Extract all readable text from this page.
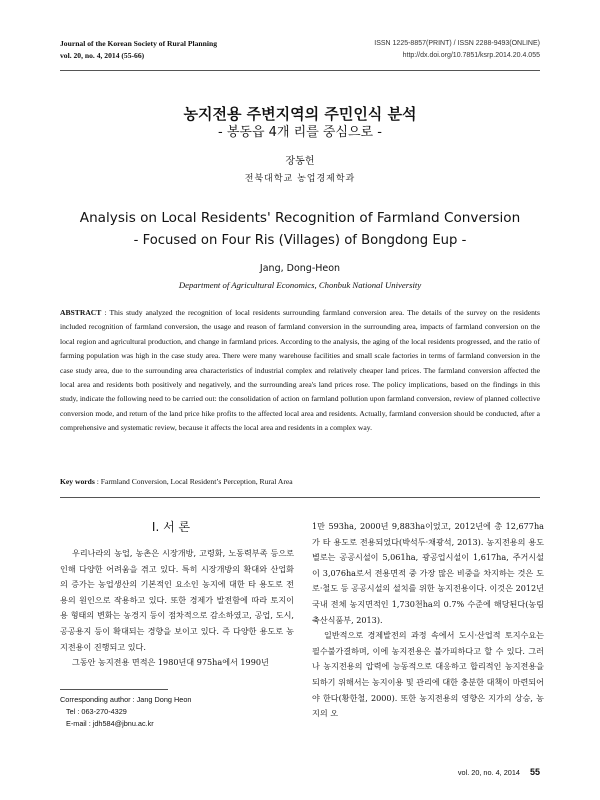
Journal of the Korean Society of Rural Planning
vol. 20, no. 4, 2014 (55-66)
ISSN 1225-8857(PRINT) / ISSN 2288-9493(ONLINE)
http://dx.doi.org/10.7851/ksrp.2014.20.4.055
농지전용 주변지역의 주민인식 분석
- 봉동읍 4개 리를 중심으로 -
장동헌
전북대학교 농업경제학과
Analysis on Local Residents' Recognition of Farmland Conversion
- Focused on Four Ris (Villages) of Bongdong Eup -
Jang, Dong-Heon
Department of Agricultural Economics, Chonbuk National University
ABSTRACT : This study analyzed the recognition of local residents surrounding farmland conversion area. The details of the survey on the residents included recognition of farmland conversion, the usage and reason of farmland conversion in the surrounding area, impacts of farmland conversion on the local region and agricultural production, and change in farmland prices. According to the analysis, the aging of the local residents progressed, and the ratio of farming population was high in the case study area. There were many warehouse facilities and small scale factories in terms of farmland conversion in the case study area, due to the surrounding area characteristics of industrial complex and relatively cheaper land prices. The farmland conversion affected the local area and residents both positively and negatively, and the surrounding area's land prices rose. The policy implications, based on the findings in this study, indicate the following need to be carried out: the consolidation of action on farmland pollution upon farmland conversion, review of planned collective conversion mode, and return of the land price hike profits to the affected local area and residents. Actually, farmland conversion should be conducted, after a comprehensive and systematic review, because it affects the local area and residents in a complex way.
Key words : Farmland Conversion, Local Resident’s Perception, Rural Area
Ⅰ. 서 론

우리나라의 농업, 농촌은 시장개방, 고령화, 노동력부족 등으로 인해 다양한 어려움을 겪고 있다. 특히 시장개방의 확대와 산업화의 증가는 농업생산의 기본적인 요소인 농지에 대한 타 용도로 전용의 원인으로 작용하고 있다. 또한 경제가 발전함에 따라 토지이용 형태의 변화는 농경지 등이 점차적으로 감소하였고, 공업, 도시, 공공용지 등이 확대되는 경향을 보이고 있다. 즉 다양한 용도로 농지전용이 진행되고 있다.

그동안 농지전용 면적은 1980년대 975ha에서 1990년

1만 593ha, 2000년 9,883ha이었고, 2012년에 총 12,677ha가 타 용도로 전용되었다(박석두·채광석, 2013). 농지전용의 용도별로는 공공시설이 5,061ha, 광공업시설이 1,617ha, 주거시설이 3,076ha로서 전용면적 중 가장 많은 비중을 차지하는 것은 도로·철도 등 공공시설의 설치를 위한 농지전용이다. 이것은 2012년 국내 전체 농지면적인 1,730천ha의 0.7% 수준에 해당된다(농림축산식품부, 2013).

일반적으로 경제발전의 과정 속에서 도시·산업적 토지수요는 필수불가결하며, 이에 농지전용은 불가피하다고 할 수 있다. 그러나 농지전용의 압력에 능동적으로 대응하고 합리적인 농지전용을 되하기 위해서는 농지이용 및 관리에 대한 충분한 대책이 마련되어야 한다(황한철, 2000). 또한 농지전용의 영향은 지가의 상승, 농지의 오

Corresponding author : Jang Dong Heon
Tel : 063-270-4329
E-mail : jdh584@jbnu.ac.kr
vol. 20, no. 4, 2014 55
